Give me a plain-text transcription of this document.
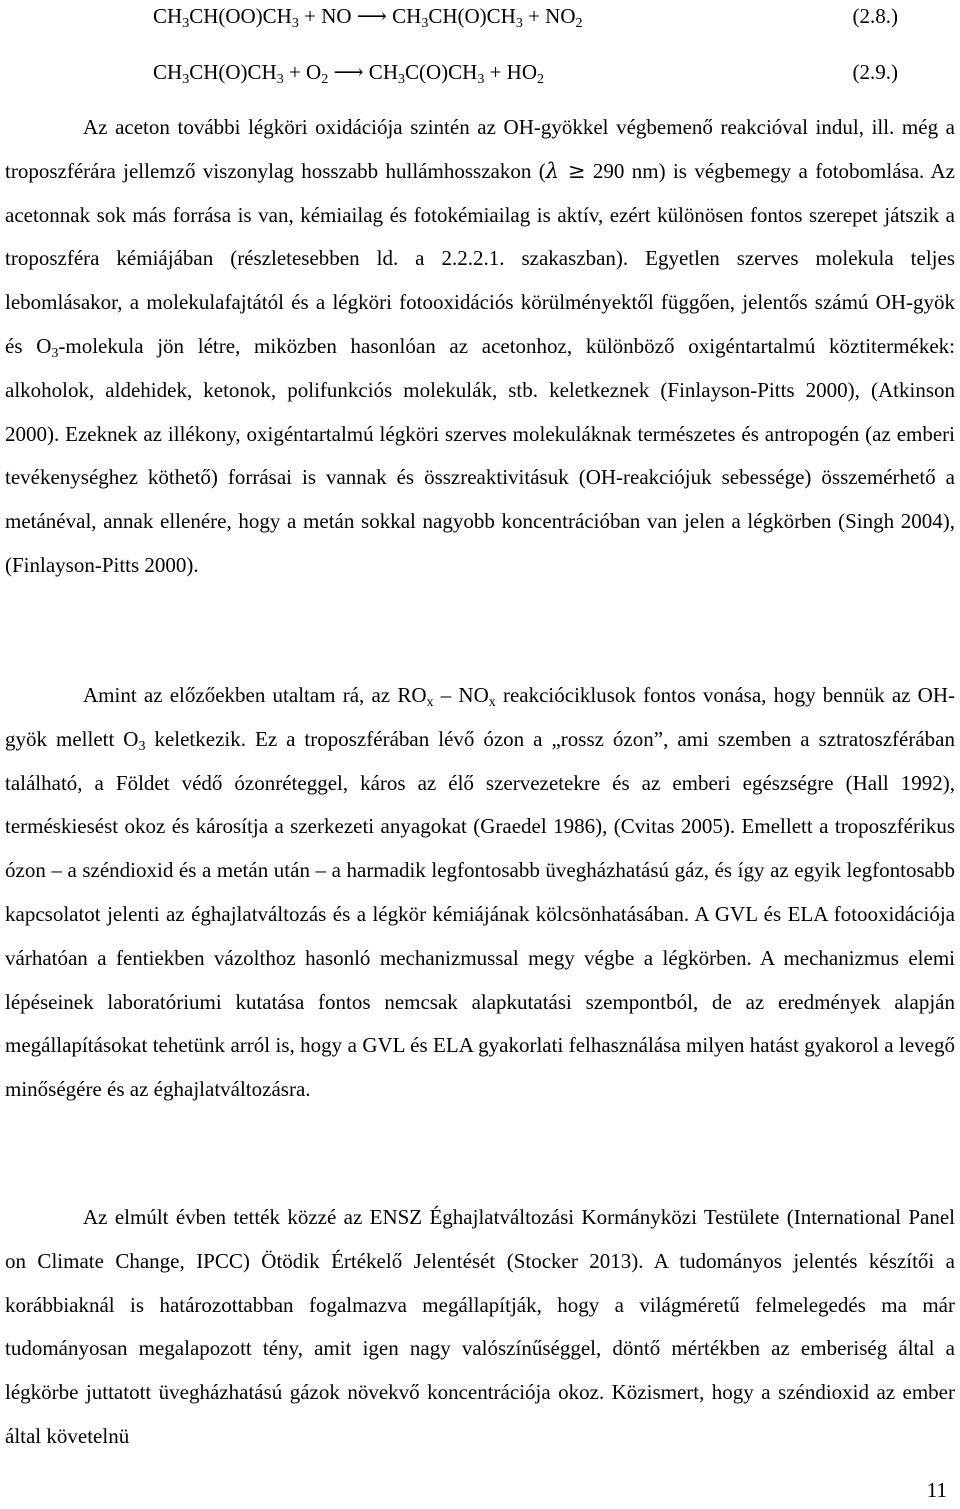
$CH_3CH(OO)CH_3$ + NO ⟶ $CH_3CH(O)CH_3 + NO_2$	(2.8.)
$CH_3CH(O)CH_3 + O_2$ ⟶ $CH_3C(O)CH_3 + HO_2$	(2.9.)

Az aceton további légköri oxidációja szintén az OH-gyökkel végbemenő reakcióval indul, ill. még a troposzférára jellemző viszonylag hosszabb hullámhosszakon (λ ≥ 290 nm) is végbemegy a fotobomlása. Az acetonnak sok más forrása is van, kémiailag és fotokémiailag is aktív, ezért különösen fontos szerepet játszik a troposzféra kémiájában (részletesebben ld. a 2.2.2.1. szakaszban). Egyetlen szerves molekula teljes lebomlásakor, a molekulafajtától és a légköri fotooxidációs körülményektől függően, jelentős számú OH-gyök és $O_3$-molekula jön létre, miközben hasonlóan az acetonhoz, különböző oxigéntartalmú köztitermékek: alkoholok, aldehidek, ketonok, polifunkciós molekulák, stb. keletkeznek (Finlayson-Pitts 2000), (Atkinson 2000). Ezeknek az illékony, oxigéntartalmú légköri szerves molekuláknak természetes és antropogén (az emberi tevékenységhez köthető) forrásai is vannak és összreaktivitásuk (OH-reakciójuk sebessége) összemérhető a metánéval, annak ellenére, hogy a metán sokkal nagyobb koncentrációban van jelen a légkörben (Singh 2004), (Finlayson-Pitts 2000).

Amint az előzőekben utaltam rá, az $RO_x - NO_x$ reakcióciklusok fontos vonása, hogy bennük az OH-gyök mellett $O_3$ keletkezik. Ez a troposzférában lévő ózon a „rossz ózon”, ami szemben a sztratoszférában található, a Földet védő ózonréteggel, káros az élő szervezetekre és az emberi egészségre (Hall 1992), terméskiesést okoz és károsítja a szerkezeti anyagokat (Graedel 1986), (Cvitas 2005). Emellett a troposzférikus ózon – a széndioxid és a metán után – a harmadik legfontosabb üvegházhatású gáz, és így az egyik legfontosabb kapcsolatot jelenti az éghajlatváltozás és a légkör kémiájának kölcsönhatásában. A GVL és ELA fotooxidációja várhatóan a fentiekben vázolthoz hasonló mechanizmussal megy végbe a légkörben. A mechanizmus elemi lépéseinek laboratóriumi kutatása fontos nemcsak alapkutatási szempontból, de az eredmények alapján megállapításokat tehetünk arról is, hogy a GVL és ELA gyakorlati felhasználása milyen hatást gyakorol a levegő minőségére és az éghajlatváltozásra.

Az elmúlt évben tették közzé az ENSZ Éghajlatváltozási Kormányközi Testülete (International Panel on Climate Change, IPCC) Ötödik Értékelő Jelentését (Stocker 2013). A tudományos jelentés készítői a korábbiaknál is határozottabban fogalmazva megállapítják, hogy a világméretű felmelegedés ma már tudományosan megalapozott tény, amit igen nagy valószínűséggel, döntő mértékben az emberiség által a légkörbe juttatott üvegházhatású gázok növekvő koncentrációja okoz. Közismert, hogy a széndioxid az ember által követelnü

11
